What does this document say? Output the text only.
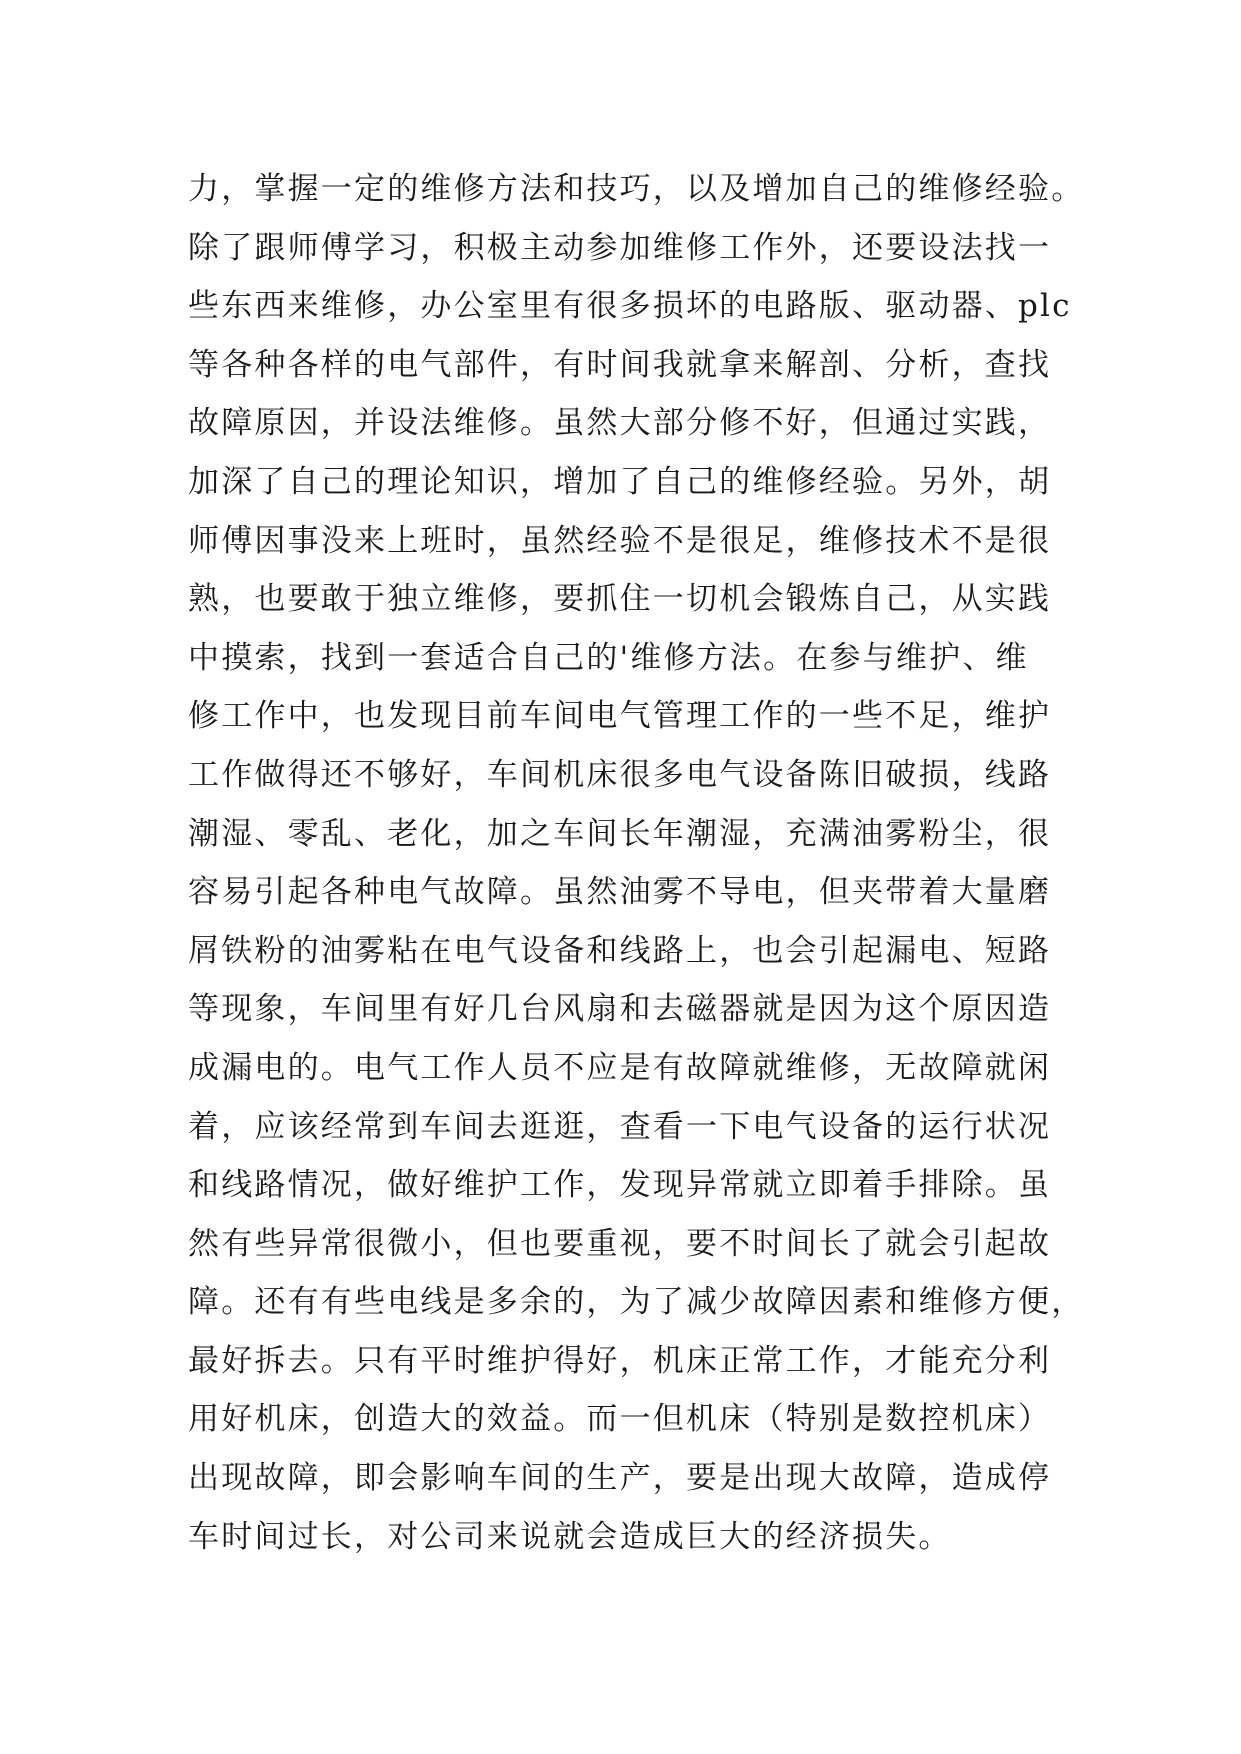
力，掌握一定的维修方法和技巧，以及增加自己的维修经验。
除了跟师傅学习，积极主动参加维修工作外，还要设法找一
些东西来维修，办公室里有很多损坏的电路版、驱动器、plc
等各种各样的电气部件，有时间我就拿来解剖、分析，查找
故障原因，并设法维修。虽然大部分修不好，但通过实践，
加深了自己的理论知识，增加了自己的维修经验。另外，胡
师傅因事没来上班时，虽然经验不是很足，维修技术不是很
熟，也要敢于独立维修，要抓住一切机会锻炼自己，从实践
中摸索，找到一套适合自己的'维修方法。在参与维护、维
修工作中，也发现目前车间电气管理工作的一些不足，维护
工作做得还不够好，车间机床很多电气设备陈旧破损，线路
潮湿、零乱、老化，加之车间长年潮湿，充满油雾粉尘，很
容易引起各种电气故障。虽然油雾不导电，但夹带着大量磨
屑铁粉的油雾粘在电气设备和线路上，也会引起漏电、短路
等现象，车间里有好几台风扇和去磁器就是因为这个原因造
成漏电的。电气工作人员不应是有故障就维修，无故障就闲
着，应该经常到车间去逛逛，查看一下电气设备的运行状况
和线路情况，做好维护工作，发现异常就立即着手排除。虽
然有些异常很微小，但也要重视，要不时间长了就会引起故
障。还有有些电线是多余的，为了减少故障因素和维修方便，
最好拆去。只有平时维护得好，机床正常工作，才能充分利
用好机床，创造大的效益。而一但机床（特别是数控机床）
出现故障，即会影响车间的生产，要是出现大故障，造成停
车时间过长，对公司来说就会造成巨大的经济损失。
